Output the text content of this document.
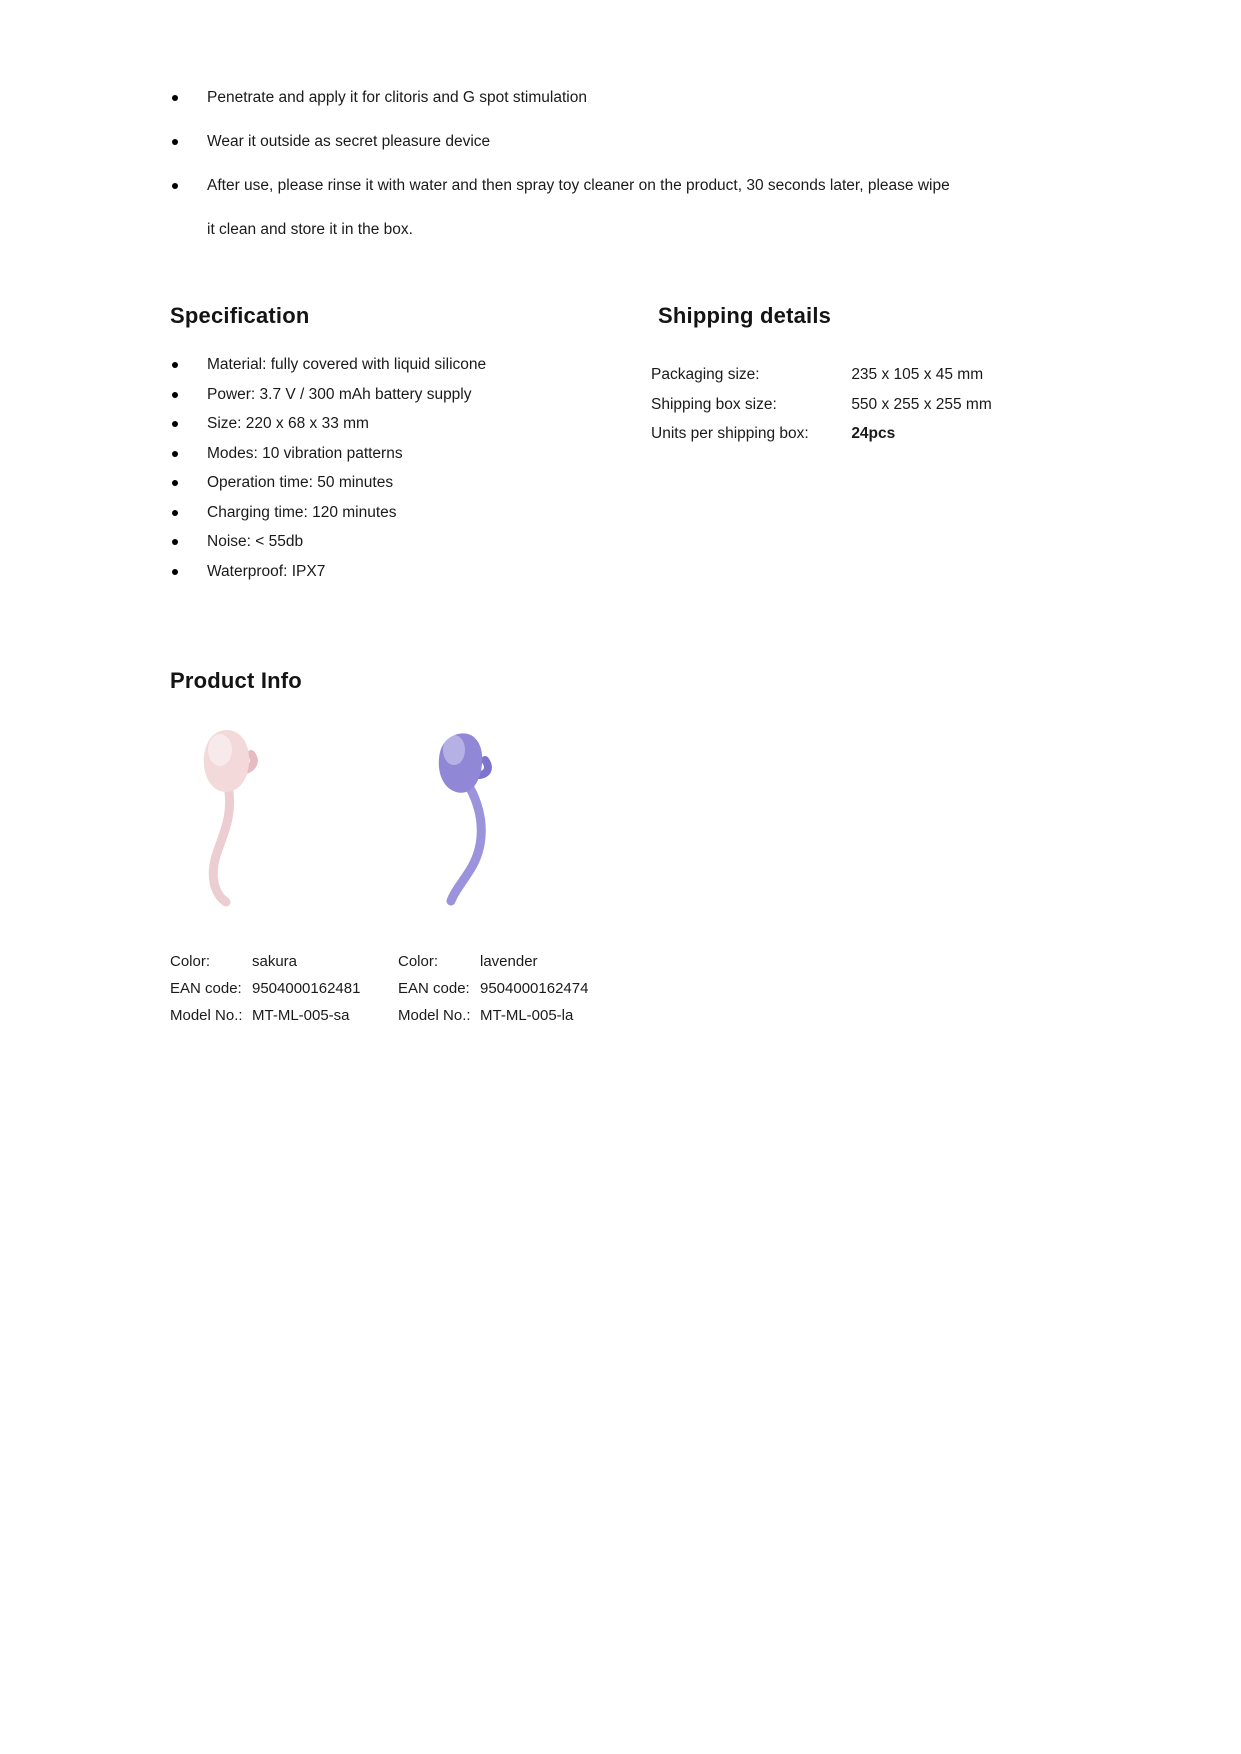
Penetrate and apply it for clitoris and G spot stimulation
Wear it outside as secret pleasure device
After use, please rinse it with water and then spray toy cleaner on the product, 30 seconds later, please wipe it clean and store it in the box.
Specification
Material: fully covered with liquid silicone
Power: 3.7 V / 300 mAh battery supply
Size: 220 x 68 x 33 mm
Modes: 10 vibration patterns
Operation time: 50 minutes
Charging time: 120 minutes
Noise: < 55db
Waterproof: IPX7
Shipping details
Packaging size:	235 x 105 x 45 mm
Shipping box size:	550 x 255 x 255 mm
Units per shipping box:	24pcs
Product Info
Color:	sakura
EAN code: 9504000162481
Model No.: MT-ML-005-sa
Color:	lavender
EAN code: 9504000162474
Model No.: MT-ML-005-la
